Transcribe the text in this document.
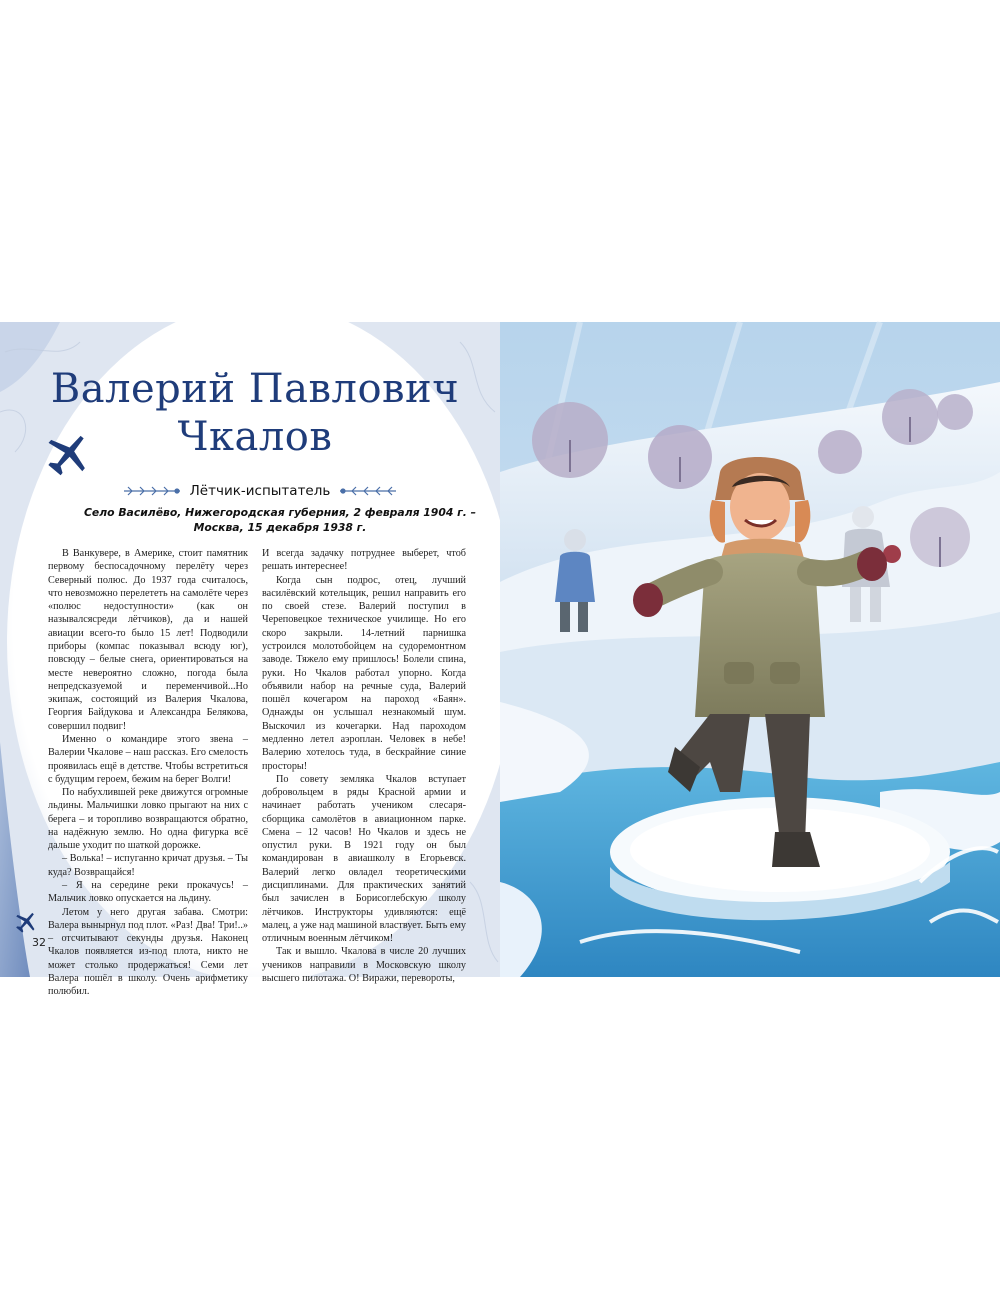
Валерий Павлович
Чкалов
Лётчик-испытатель
Село Василёво, Нижегородская губерния, 2 февраля 1904 г. –
Москва, 15 декабря 1938 г.

В Ванкувере, в Америке, стоит памятник первому беспосадочному перелёту через Северный полюс. До 1937 года считалось, что невозможно перелететь на самолёте через «полюс недоступности» (как он называлсясреди лётчиков), да и нашей авиации всего-то было 15 лет! Подводили приборы (компас показывал всюду юг), повсюду – белые снега, ориентироваться на месте невероятно сложно, погода была непредсказуемой и переменчивой...Но экипаж, состоящий из Валерия Чкалова, Георгия Байдукова и Александра Белякова, совершил подвиг!

Именно о командире этого звена – Валерии Чкалове – наш рассказ. Его смелость проявилась ещё в детстве. Чтобы встретиться с будущим героем, бежим на берег Волги!

По набухлившей реке движутся огромные льдины. Мальчишки ловко прыгают на них с берега – и торопливо возвращаются обратно, на надёжную землю. Но одна фигурка всё дальше уходит по шаткой дорожке.

– Волька! – испуганно кричат друзья. – Ты куда? Возвращайся!

– Я на середине реки прокачусь! – Мальчик ловко опускается на льдину.

Летом у него другая забава. Смотри: Валера вынырнул под плот. «Раз! Два! Три!..» – отсчитывают секунды друзья. Наконец Чкалов появляется из-под плота, никто не может столько продержаться! Семи лет Валера пошёл в школу. Очень арифметику полюбил.

И всегда задачку потруднее выберет, чтоб решать интереснее!

Когда сын подрос, отец, лучший василёвский котельщик, решил направить его по своей стезе. Валерий поступил в Череповецкое техническое училище. Но его скоро закрыли. 14-летний парнишка устроился молотобойцем на судоремонтном заводе. Тяжело ему пришлось! Болели спина, руки. Но Чкалов работал упорно. Когда объявили набор на речные суда, Валерий пошёл кочегаром на пароход «Баян». Однажды он услышал незнакомый шум. Выскочил из кочегарки. Над пароходом медленно летел аэроплан. Человек в небе! Валерию хотелось туда, в бескрайние синие просторы!

По совету земляка Чкалов вступает добровольцем в ряды Красной армии и начинает работать учеником слесаря-сборщика самолётов в авиационном парке. Смена – 12 часов! Но Чкалов и здесь не опустил руки. В 1921 году он был командирован в авиашколу в Егорьевск. Валерий легко овладел теоретическими дисциплинами. Для практических занятий был зачислен в Борисоглебскую школу лётчиков. Инструкторы удивляются: ещё малец, а уже над машиной властвует. Быть ему отличным военным лётчиком!

Так и вышло. Чкалова в числе 20 лучших учеников направили в Московскую школу высшего пилотажа. О! Виражи, перевороты,

32
